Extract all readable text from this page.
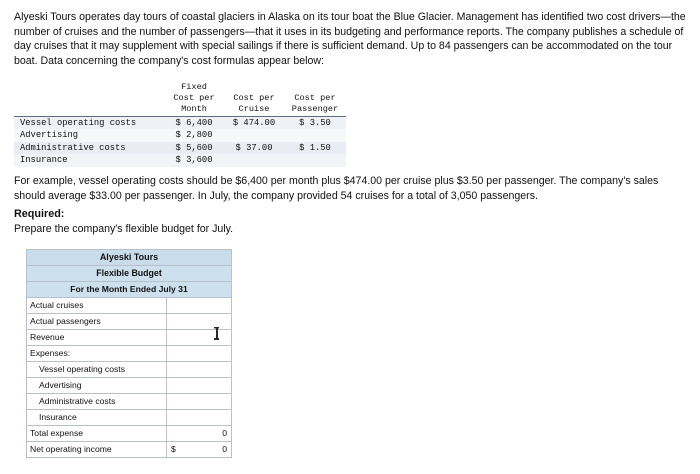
Alyeski Tours operates day tours of coastal glaciers in Alaska on its tour boat the Blue Glacier. Management has identified two cost drivers—the number of cruises and the number of passengers—that it uses in its budgeting and performance reports. The company publishes a schedule of day cruises that it may supplement with special sailings if there is sufficient demand. Up to 84 passengers can be accommodated on the tour boat. Data concerning the company's cost formulas appear below:
	Fixed		
	Cost per	Cost per	Cost per
	Month	Cruise	Passenger

Vessel operating costs	$ 6,400	$ 474.00	$ 3.50
Advertising	$ 2,800		
Administrative costs	$ 5,600	$ 37.00	$ 1.50
Insurance	$ 3,600		
For example, vessel operating costs should be $6,400 per month plus $474.00 per cruise plus $3.50 per passenger. The company's sales should average $33.00 per passenger. In July, the company provided 54 cruises for a total of 3,050 passengers.
Required:
Prepare the company's flexible budget for July.
Alyeski Tours	
Flexible Budget	
For the Month Ended July 31	
Actual cruises	
Actual passengers	
Revenue	
Expenses:	
Vessel operating costs	
Advertising	
Administrative costs	
Insurance	
Total expense	0
Net operating income	$ 0
